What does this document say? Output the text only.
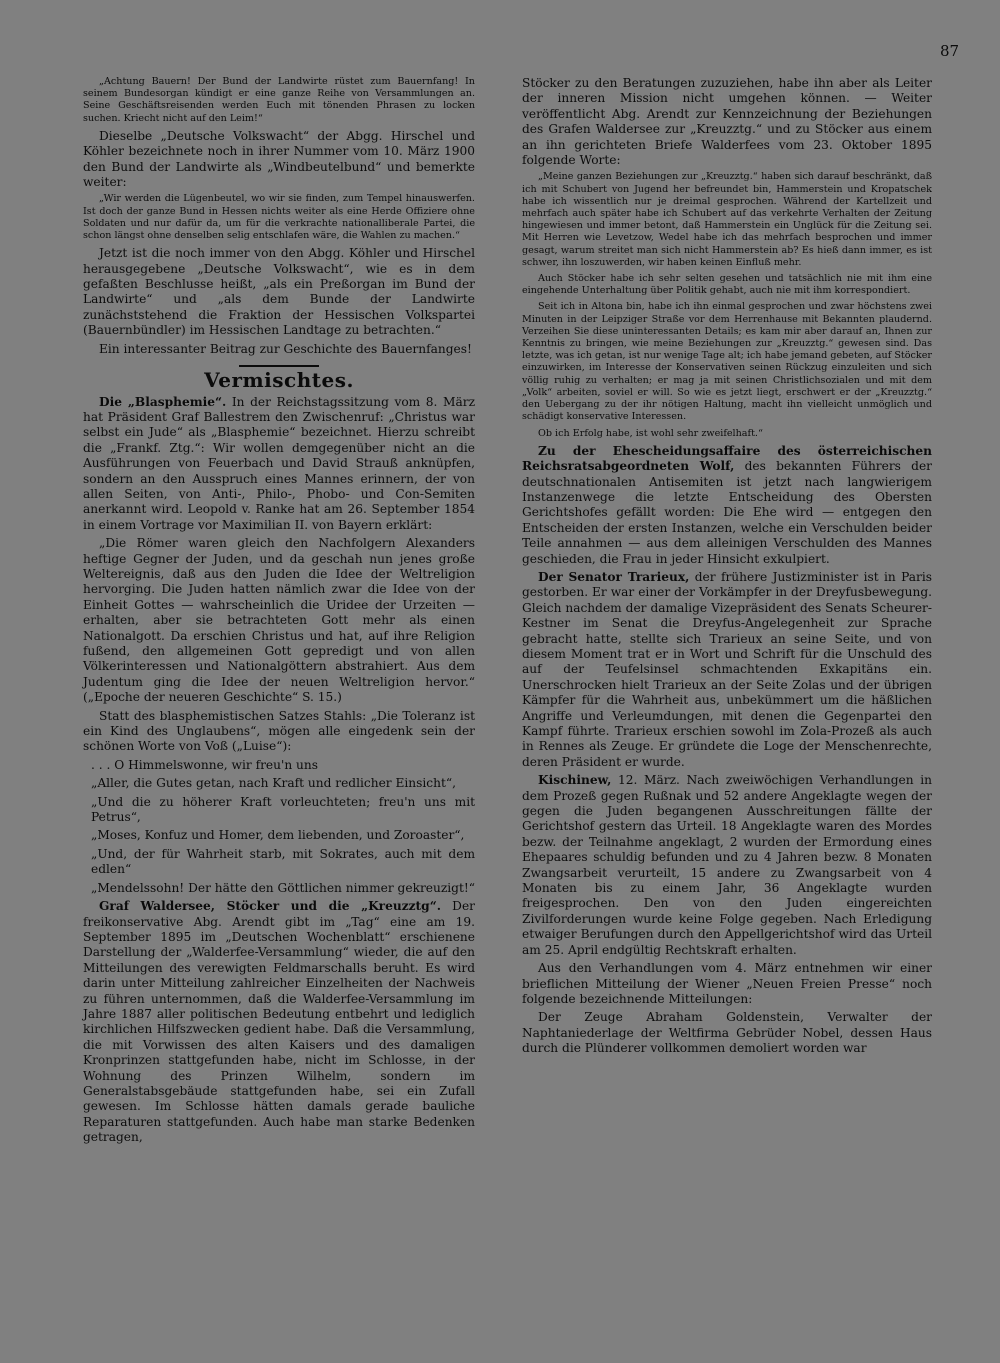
87

„Achtung Bauern! Der Bund der Landwirte rüstet zum Bauernfang! In seinem Bundesorgan kündigt er eine ganze Reihe von Versammlungen an. Seine Geschäftsreisenden werden Euch mit tönenden Phrasen zu locken suchen. Kriecht nicht auf den Leim!“

Dieselbe „Deutsche Volkswacht“ der Abgg. Hirschel und Köhler bezeichnete noch in ihrer Nummer vom 10. März 1900 den Bund der Landwirte als „Windbeutelbund“ und bemerkte weiter:

„Wir werden die Lügenbeutel, wo wir sie finden, zum Tempel hinauswerfen. Ist doch der ganze Bund in Hessen nichts weiter als eine Herde Offiziere ohne Soldaten und nur dafür da, um für die verkrachte nationalliberale Partei, die schon längst ohne denselben selig entschlafen wäre, die Wahlen zu machen.“

Jetzt ist die noch immer von den Abgg. Köhler und Hirschel herausgegebene „Deutsche Volkswacht“, wie es in dem gefaßten Beschlusse heißt, „als ein Preßorgan im Bund der Landwirte“ und „als dem Bunde der Landwirte zunächststehend die Fraktion der Hessischen Volkspartei (Bauernbündler) im Hessischen Landtage zu betrachten.“

Ein interessanter Beitrag zur Geschichte des Bauernfanges!

Vermischtes.

Die „Blasphemie“. In der Reichstagssitzung vom 8. März hat Präsident Graf Ballestrem den Zwischenruf: „Christus war selbst ein Jude“ als „Blasphemie“ bezeichnet. Hierzu schreibt die „Frankf. Ztg.“: Wir wollen demgegenüber nicht an die Ausführungen von Feuerbach und David Strauß anknüpfen, sondern an den Ausspruch eines Mannes erinnern, der von allen Seiten, von Anti-, Philo-, Phobo- und Con-Semiten anerkannt wird. Leopold v. Ranke hat am 26. September 1854 in einem Vortrage vor Maximilian II. von Bayern erklärt:

„Die Römer waren gleich den Nachfolgern Alexanders heftige Gegner der Juden, und da geschah nun jenes große Weltereignis, daß aus den Juden die Idee der Weltreligion hervorging. Die Juden hatten nämlich zwar die Idee von der Einheit Gottes — wahrscheinlich die Uridee der Urzeiten — erhalten, aber sie betrachteten Gott mehr als einen Nationalgott. Da erschien Christus und hat, auf ihre Religion fußend, den allgemeinen Gott gepredigt und von allen Völkerinteressen und Nationalgöttern abstrahiert. Aus dem Judentum ging die Idee der neuen Weltreligion hervor.“ („Epoche der neueren Geschichte“ S. 15.)

Statt des blasphemistischen Satzes Stahls: „Die Toleranz ist ein Kind des Unglaubens“, mögen alle eingedenk sein der schönen Worte von Voß („Luise“):

. . . O Himmelswonne, wir freu'n uns

„Aller, die Gutes getan, nach Kraft und redlicher Einsicht“,

„Und die zu höherer Kraft vorleuchteten; freu'n uns mit Petrus“,

„Moses, Konfuz und Homer, dem liebenden, und Zoroaster“,

„Und, der für Wahrheit starb, mit Sokrates, auch mit dem edlen“

„Mendelssohn! Der hätte den Göttlichen nimmer gekreuzigt!“

Graf Waldersee, Stöcker und die „Kreuzztg“. Der freikonservative Abg. Arendt gibt im „Tag“ eine am 19. September 1895 im „Deutschen Wochenblatt“ erschienene Darstellung der „Walderfee-Versammlung“ wieder, die auf den Mitteilungen des verewigten Feldmarschalls beruht. Es wird darin unter Mitteilung zahlreicher Einzelheiten der Nachweis zu führen unternommen, daß die Walderfee-Versammlung im Jahre 1887 aller politischen Bedeutung entbehrt und lediglich kirchlichen Hilfszwecken gedient habe. Daß die Versammlung, die mit Vorwissen des alten Kaisers und des damaligen Kronprinzen stattgefunden habe, nicht im Schlosse, in der Wohnung des Prinzen Wilhelm, sondern im Generalstabsgebäude stattgefunden habe, sei ein Zufall gewesen. Im Schlosse hätten damals gerade bauliche Reparaturen stattgefunden. Auch habe man starke Bedenken getragen,

Stöcker zu den Beratungen zuzuziehen, habe ihn aber als Leiter der inneren Mission nicht umgehen können. — Weiter veröffentlicht Abg. Arendt zur Kennzeichnung der Beziehungen des Grafen Waldersee zur „Kreuzztg.“ und zu Stöcker aus einem an ihn gerichteten Briefe Walderfees vom 23. Oktober 1895 folgende Worte:

„Meine ganzen Beziehungen zur „Kreuzztg.“ haben sich darauf beschränkt, daß ich mit Schubert von Jugend her befreundet bin, Hammerstein und Kropatschek habe ich wissentlich nur je dreimal gesprochen. Während der Kartellzeit und mehrfach auch später habe ich Schubert auf das verkehrte Verhalten der Zeitung hingewiesen und immer betont, daß Hammerstein ein Unglück für die Zeitung sei. Mit Herren wie Levetzow, Wedel habe ich das mehrfach besprochen und immer gesagt, warum streitet man sich nicht Hammerstein ab? Es hieß dann immer, es ist schwer, ihn loszuwerden, wir haben keinen Einfluß mehr.

Auch Stöcker habe ich sehr selten gesehen und tatsächlich nie mit ihm eine eingehende Unterhaltung über Politik gehabt, auch nie mit ihm korrespondiert.

Seit ich in Altona bin, habe ich ihn einmal gesprochen und zwar höchstens zwei Minuten in der Leipziger Straße vor dem Herrenhause mit Bekannten plaudernd. Verzeihen Sie diese uninteressanten Details; es kam mir aber darauf an, Ihnen zur Kenntnis zu bringen, wie meine Beziehungen zur „Kreuzztg.“ gewesen sind. Das letzte, was ich getan, ist nur wenige Tage alt; ich habe jemand gebeten, auf Stöcker einzuwirken, im Interesse der Konservativen seinen Rückzug einzuleiten und sich völlig ruhig zu verhalten; er mag ja mit seinen Christlichsozialen und mit dem „Volk“ arbeiten, soviel er will. So wie es jetzt liegt, erschwert er der „Kreuzztg.“ den Uebergang zu der ihr nötigen Haltung, macht ihn vielleicht unmöglich und schädigt konservative Interessen.

Ob ich Erfolg habe, ist wohl sehr zweifelhaft.“

Zu der Ehescheidungsaffaire des österreichischen Reichsratsabgeordneten Wolf, des bekannten Führers der deutschnationalen Antisemiten ist jetzt nach langwierigem Instanzenwege die letzte Entscheidung des Obersten Gerichtshofes gefällt worden: Die Ehe wird — entgegen den Entscheiden der ersten Instanzen, welche ein Verschulden beider Teile annahmen — aus dem alleinigen Verschulden des Mannes geschieden, die Frau in jeder Hinsicht exkulpiert.

Der Senator Trarieux, der frühere Justizminister ist in Paris gestorben. Er war einer der Vorkämpfer in der Dreyfusbewegung. Gleich nachdem der damalige Vizepräsident des Senats Scheurer-Kestner im Senat die Dreyfus-Angelegenheit zur Sprache gebracht hatte, stellte sich Trarieux an seine Seite, und von diesem Moment trat er in Wort und Schrift für die Unschuld des auf der Teufelsinsel schmachtenden Exkapitäns ein. Unerschrocken hielt Trarieux an der Seite Zolas und der übrigen Kämpfer für die Wahrheit aus, unbekümmert um die häßlichen Angriffe und Verleumdungen, mit denen die Gegenpartei den Kampf führte. Trarieux erschien sowohl im Zola-Prozeß als auch in Rennes als Zeuge. Er gründete die Loge der Menschenrechte, deren Präsident er wurde.

Kischinew, 12. März. Nach zweiwöchigen Verhandlungen in dem Prozeß gegen Rußnak und 52 andere Angeklagte wegen der gegen die Juden begangenen Ausschreitungen fällte der Gerichtshof gestern das Urteil. 18 Angeklagte waren des Mordes bezw. der Teilnahme angeklagt, 2 wurden der Ermordung eines Ehepaares schuldig befunden und zu 4 Jahren bezw. 8 Monaten Zwangsarbeit verurteilt, 15 andere zu Zwangsarbeit von 4 Monaten bis zu einem Jahr, 36 Angeklagte wurden freigesprochen. Den von den Juden eingereichten Zivilforderungen wurde keine Folge gegeben. Nach Erledigung etwaiger Berufungen durch den Appellgerichtshof wird das Urteil am 25. April endgültig Rechtskraft erhalten.

Aus den Verhandlungen vom 4. März entnehmen wir einer brieflichen Mitteilung der Wiener „Neuen Freien Presse“ noch folgende bezeichnende Mitteilungen:

Der Zeuge Abraham Goldenstein, Verwalter der Naphtaniederlage der Weltfirma Gebrüder Nobel, dessen Haus durch die Plünderer vollkommen demoliert worden war
